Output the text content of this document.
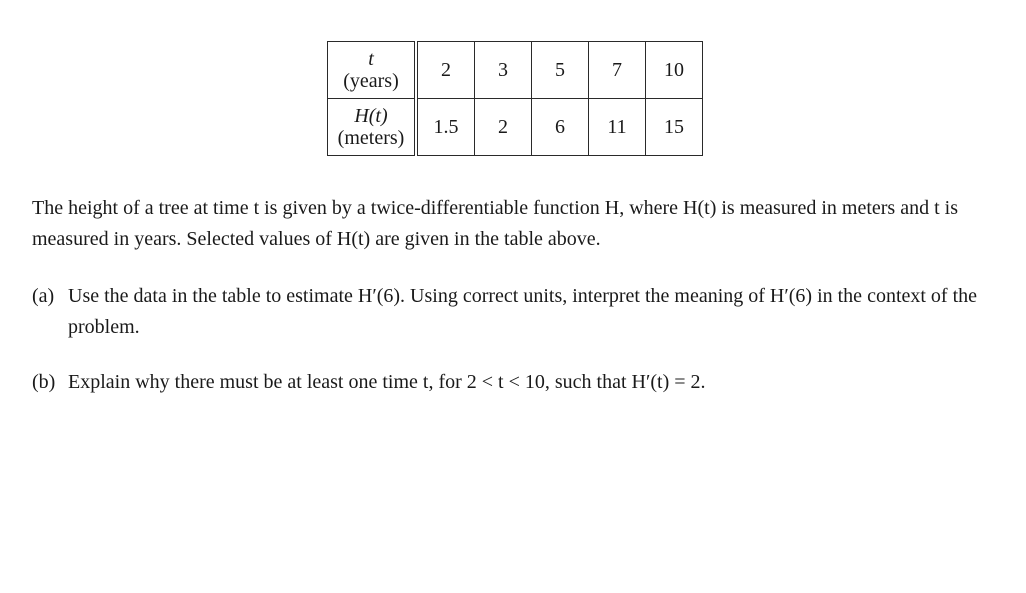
t
(years)	2	3	5	7	10

H(t)
(meters)	1.5	2	6	11	15

The height of a tree at time t is given by a twice-differentiable function H, where H(t) is measured in meters and t is measured in years. Selected values of H(t) are given in the table above.

(a) Use the data in the table to estimate H′(6). Using correct units, interpret the meaning of H′(6) in the context of the problem.

(b) Explain why there must be at least one time t, for 2 < t < 10, such that H′(t) = 2.
